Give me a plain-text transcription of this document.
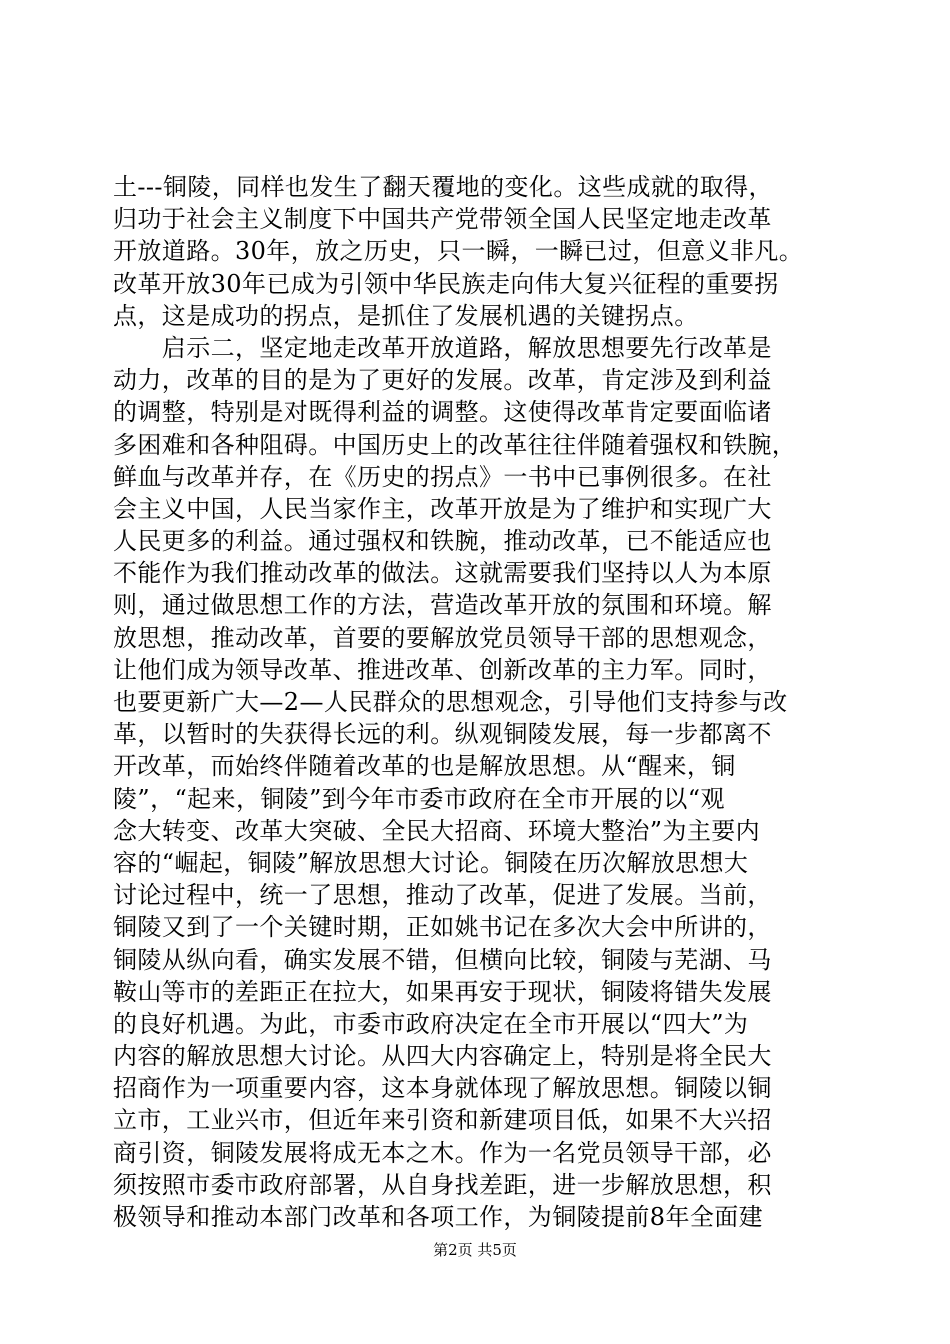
土---铜陵，同样也发生了翻天覆地的变化。这些成就的取得，
归功于社会主义制度下中国共产党带领全国人民坚定地走改革
开放道路。30年，放之历史，只一瞬，一瞬已过，但意义非凡。
改革开放30年已成为引领中华民族走向伟大复兴征程的重要拐
点，这是成功的拐点，是抓住了发展机遇的关键拐点。
　　启示二，坚定地走改革开放道路，解放思想要先行改革是
动力，改革的目的是为了更好的发展。改革，肯定涉及到利益
的调整，特别是对既得利益的调整。这使得改革肯定要面临诸
多困难和各种阻碍。中国历史上的改革往往伴随着强权和铁腕，
鲜血与改革并存，在《历史的拐点》一书中已事例很多。在社
会主义中国，人民当家作主，改革开放是为了维护和实现广大
人民更多的利益。通过强权和铁腕，推动改革，已不能适应也
不能作为我们推动改革的做法。这就需要我们坚持以人为本原
则，通过做思想工作的方法，营造改革开放的氛围和环境。解
放思想，推动改革，首要的要解放党员领导干部的思想观念，
让他们成为领导改革、推进改革、创新改革的主力军。同时，
也要更新广大—2—人民群众的思想观念，引导他们支持参与改
革，以暂时的失获得长远的利。纵观铜陵发展，每一步都离不
开改革，而始终伴随着改革的也是解放思想。从“醒来，铜
陵”，“起来，铜陵”到今年市委市政府在全市开展的以“观
念大转变、改革大突破、全民大招商、环境大整治”为主要内
容的“崛起，铜陵”解放思想大讨论。铜陵在历次解放思想大
讨论过程中，统一了思想，推动了改革，促进了发展。当前，
铜陵又到了一个关键时期，正如姚书记在多次大会中所讲的，
铜陵从纵向看，确实发展不错，但横向比较，铜陵与芜湖、马
鞍山等市的差距正在拉大，如果再安于现状，铜陵将错失发展
的良好机遇。为此，市委市政府决定在全市开展以“四大”为
内容的解放思想大讨论。从四大内容确定上，特别是将全民大
招商作为一项重要内容，这本身就体现了解放思想。铜陵以铜
立市，工业兴市，但近年来引资和新建项目低，如果不大兴招
商引资，铜陵发展将成无本之木。作为一名党员领导干部，必
须按照市委市政府部署，从自身找差距，进一步解放思想，积
极领导和推动本部门改革和各项工作，为铜陵提前8年全面建
第2页 共5页
